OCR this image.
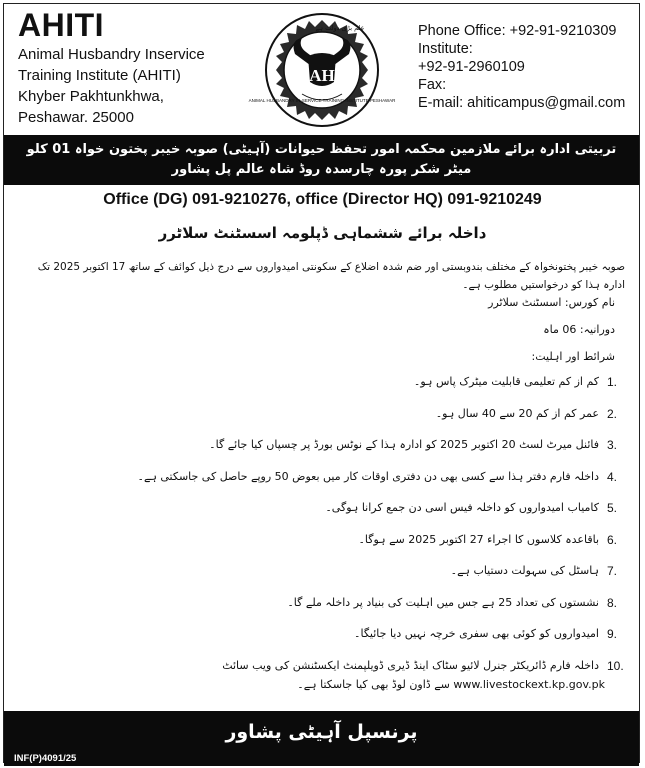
AHITI
Animal Husbandry Inservice
Training Institute (AHITI)
Khyber Pakhtunkhwa,
Peshawar. 25000
AH
ANIMAL HUSBANDRY IN-SERVICE TRAINING INSTITUTE PESHAWAR
علم بڑی دولت ہے	Phone Office: +92-91-9210309
Institute:
+92-91-2960109
Fax:
E-mail: ahiticampus@gmail.com
تربیتی ادارہ برائے ملازمین محکمہ امور تحفظ حیوانات (آہیٹی) صوبہ خیبر پختون خواہ 01 کلو میٹر شکر پورہ چارسدہ روڈ شاہ عالم پل پشاور
Office (DG) 091-9210276, office (Director HQ) 091-9210249
داخلہ برائے ششماہی ڈپلومہ اسسٹنٹ سلاٹرر
صوبہ خیبر پختونخواہ کے مختلف بندوبستی اور ضم شدہ اضلاع کے سکونتی امیدواروں سے درج ذیل کوائف کے ساتھ 17 اکتوبر 2025 تک ادارہ ہذا کو درخواستیں مطلوب ہے۔
نام کورس: اسسٹنٹ سلاٹرر
دورانیہ: 06 ماہ
شرائط اور اہلیت:
1.
کم از کم تعلیمی قابلیت میٹرک پاس ہو۔
2.
عمر کم از کم 20 سے 40 سال ہو۔
3.
فائنل میرٹ لسٹ 20 اکتوبر 2025 کو ادارہ ہذا کے نوٹس بورڈ پر چسپاں کیا جائے گا۔
4.
داخلہ فارم دفتر ہذا سے کسی بھی دن دفتری اوقات کار میں بعوض 50 روپے حاصل کی جاسکتی ہے۔
5.
کامیاب امیدواروں کو داخلہ فیس اسی دن جمع کرانا ہوگی۔
6.
باقاعدہ کلاسوں کا اجراء 27 اکتوبر 2025 سے ہوگا۔
7.
ہاسٹل کی سہولت دستیاب ہے۔
8.
نشستوں کی تعداد 25 ہے جس میں اہلیت کی بنیاد پر داخلہ ملے گا۔
9.
امیدواروں کو کوئی بھی سفری خرچہ نہیں دیا جائیگا۔
10.
داخلہ فارم ڈائریکٹر جنرل لائیو سٹاک اینڈ ڈیری ڈویلپمنٹ ایکسٹنشن کی ویب سائٹ
www.livestockext.kp.gov.pk سے ڈاون لوڈ بھی کیا جاسکتا ہے۔
پرنسپل آہیٹی پشاور
INF(P)4091/25
